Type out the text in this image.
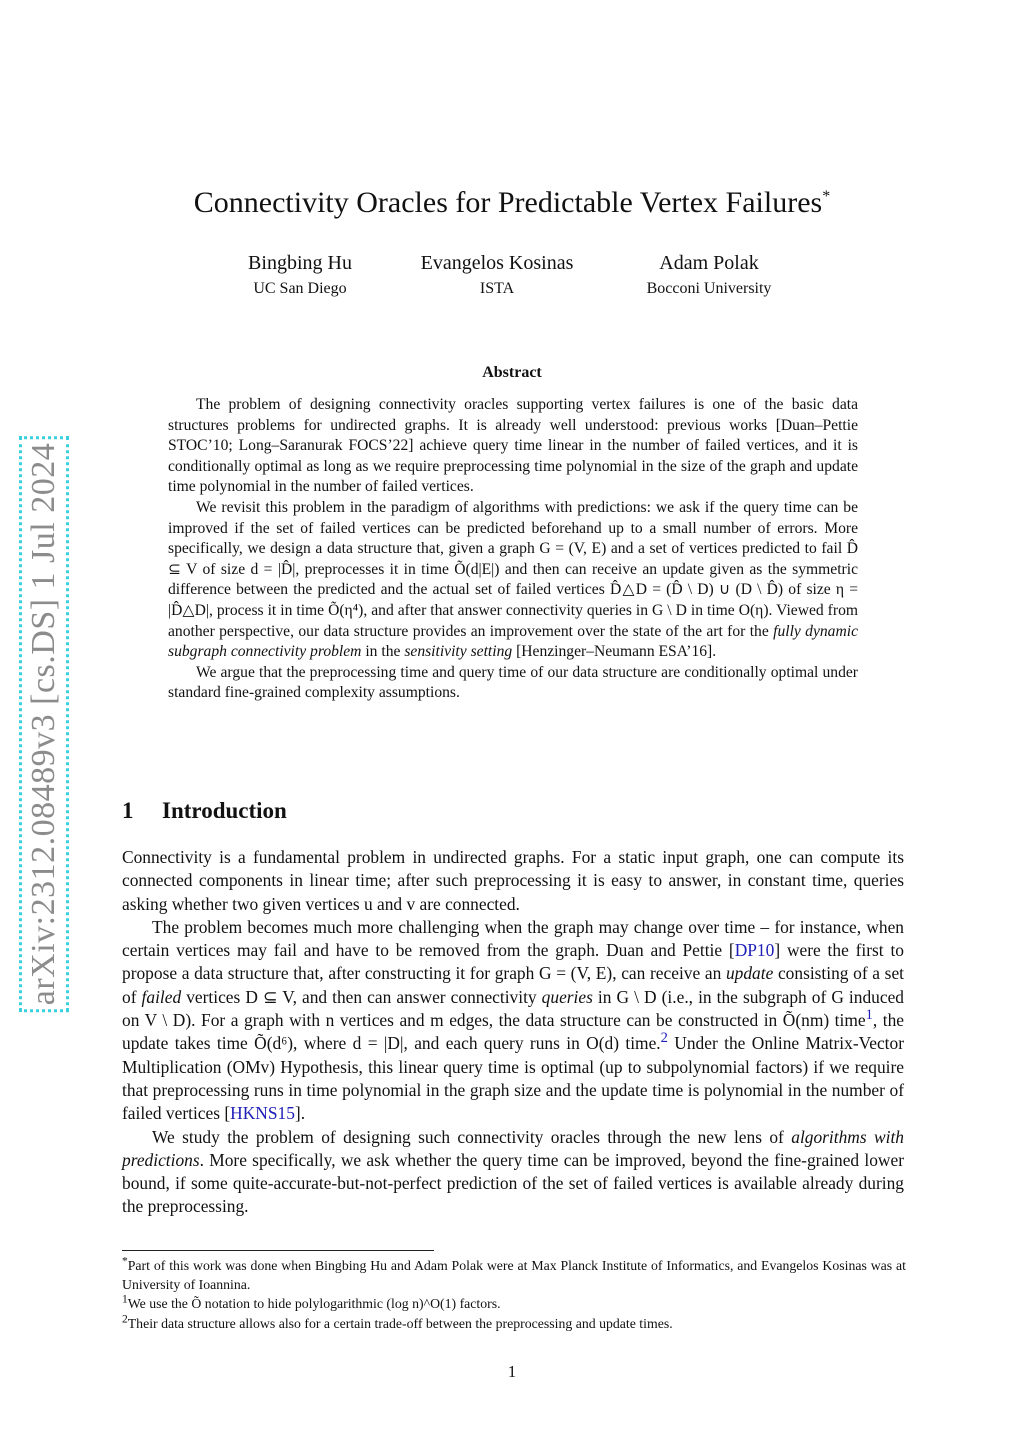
arXiv:2312.08489v3 [cs.DS] 1 Jul 2024
Connectivity Oracles for Predictable Vertex Failures*
Bingbing Hu
UC San Diego
Evangelos Kosinas
ISTA
Adam Polak
Bocconi University
Abstract

The problem of designing connectivity oracles supporting vertex failures is one of the basic data structures problems for undirected graphs. It is already well understood: previous works [Duan–Pettie STOC’10; Long–Saranurak FOCS’22] achieve query time linear in the number of failed vertices, and it is conditionally optimal as long as we require preprocessing time polynomial in the size of the graph and update time polynomial in the number of failed vertices.

We revisit this problem in the paradigm of algorithms with predictions: we ask if the query time can be improved if the set of failed vertices can be predicted beforehand up to a small number of errors. More specifically, we design a data structure that, given a graph G = (V, E) and a set of vertices predicted to fail D̂ ⊆ V of size d = |D̂|, preprocesses it in time Õ(d|E|) and then can receive an update given as the symmetric difference between the predicted and the actual set of failed vertices D̂△D = (D̂ \ D) ∪ (D \ D̂) of size η = |D̂△D|, process it in time Õ(η⁴), and after that answer connectivity queries in G \ D in time O(η). Viewed from another perspective, our data structure provides an improvement over the state of the art for the fully dynamic subgraph connectivity problem in the sensitivity setting [Henzinger–Neumann ESA’16].

We argue that the preprocessing time and query time of our data structure are conditionally optimal under standard fine-grained complexity assumptions.

1 Introduction

Connectivity is a fundamental problem in undirected graphs. For a static input graph, one can compute its connected components in linear time; after such preprocessing it is easy to answer, in constant time, queries asking whether two given vertices u and v are connected.

The problem becomes much more challenging when the graph may change over time – for instance, when certain vertices may fail and have to be removed from the graph. Duan and Pettie [DP10] were the first to propose a data structure that, after constructing it for graph G = (V, E), can receive an update consisting of a set of failed vertices D ⊆ V, and then can answer connectivity queries in G \ D (i.e., in the subgraph of G induced on V \ D). For a graph with n vertices and m edges, the data structure can be constructed in Õ(nm) time$^1$, the update takes time Õ(d⁶), where d = |D|, and each query runs in O(d) time.$^2$ Under the Online Matrix-Vector Multiplication (OMv) Hypothesis, this linear query time is optimal (up to subpolynomial factors) if we require that preprocessing runs in time polynomial in the graph size and the update time is polynomial in the number of failed vertices [HKNS15].

We study the problem of designing such connectivity oracles through the new lens of algorithms with predictions. More specifically, we ask whether the query time can be improved, beyond the fine-grained lower bound, if some quite-accurate-but-not-perfect prediction of the set of failed vertices is available already during the preprocessing.

*Part of this work was done when Bingbing Hu and Adam Polak were at Max Planck Institute of Informatics, and Evangelos Kosinas was at University of Ioannina.

$^1$We use the Õ notation to hide polylogarithmic (log n)^O(1) factors.

$^2$Their data structure allows also for a certain trade-off between the preprocessing and update times.

1
